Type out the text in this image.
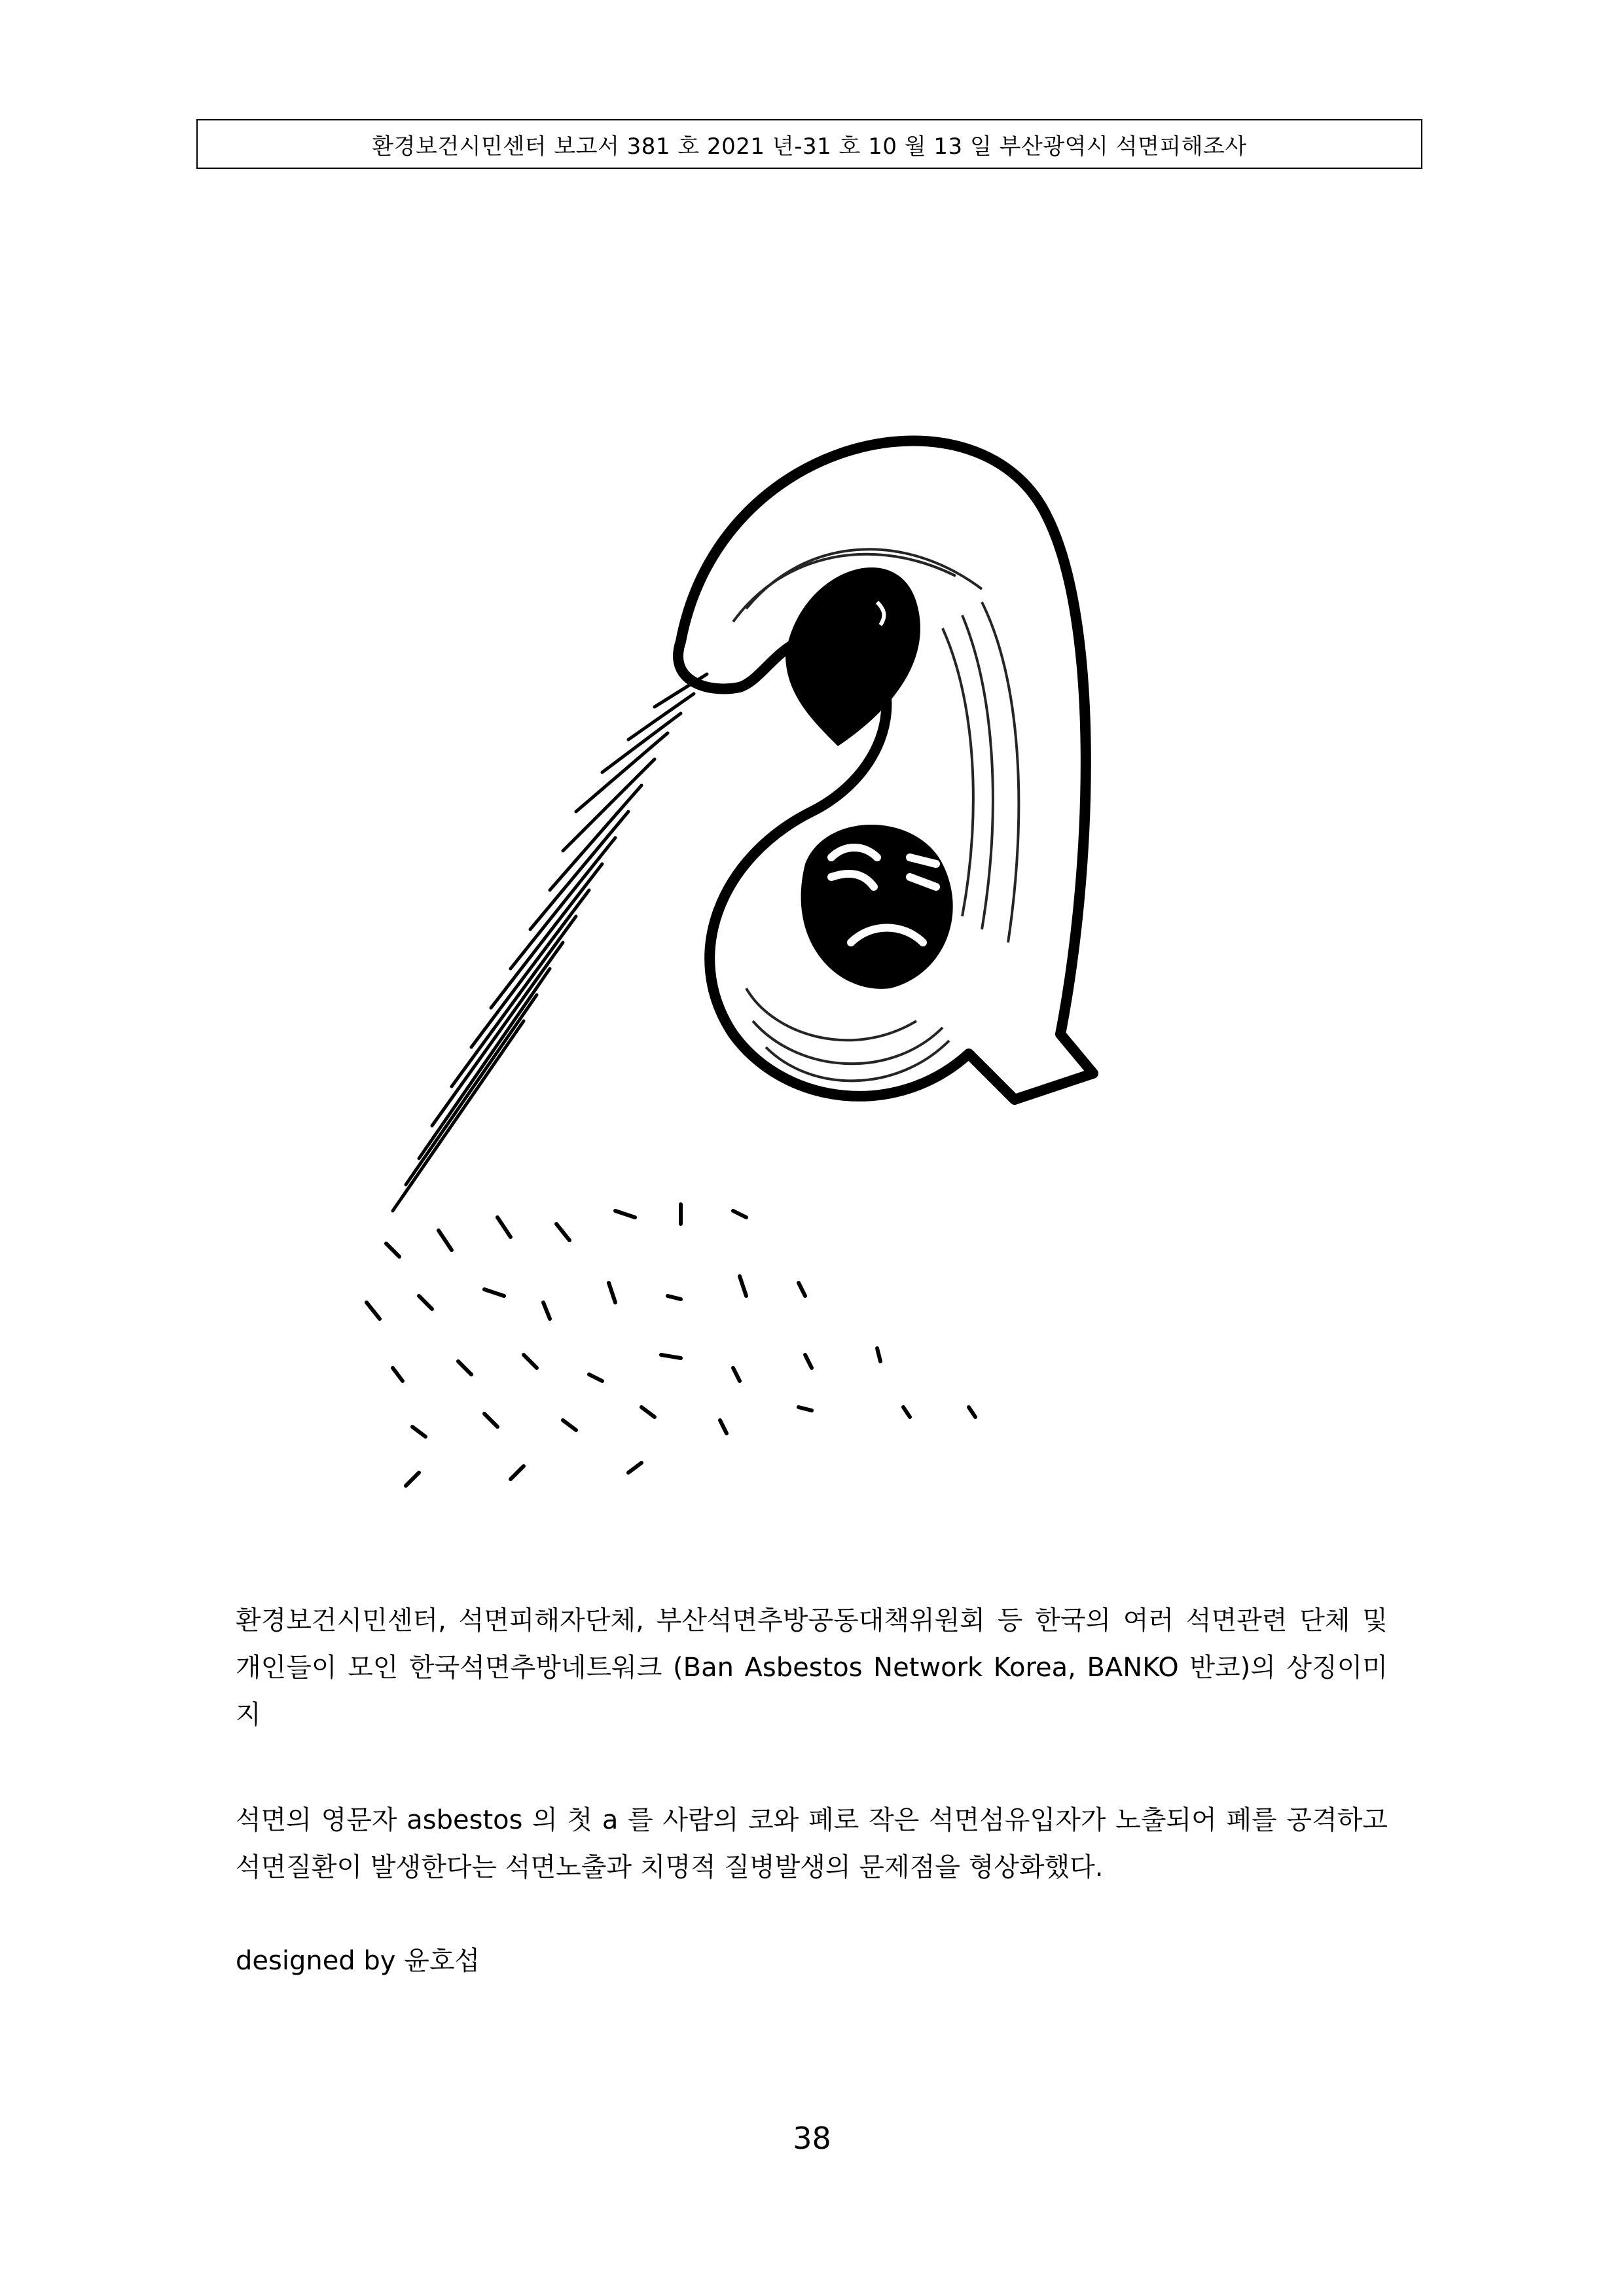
환경보건시민센터 보고서 381 호 2021 년-31 호 10 월 13 일 부산광역시 석면피해조사

환경보건시민센터, 석면피해자단체, 부산석면추방공동대책위원회 등 한국의 여러 석면관련 단체 및 개인들이 모인 한국석면추방네트워크 (Ban Asbestos Network Korea, BANKO 반코)의 상징이미지

석면의 영문자 asbestos 의 첫 a 를 사람의 코와 폐로 작은 석면섬유입자가 노출되어 폐를 공격하고 석면질환이 발생한다는 석면노출과 치명적 질병발생의 문제점을 형상화했다.

designed by 윤호섭

38
